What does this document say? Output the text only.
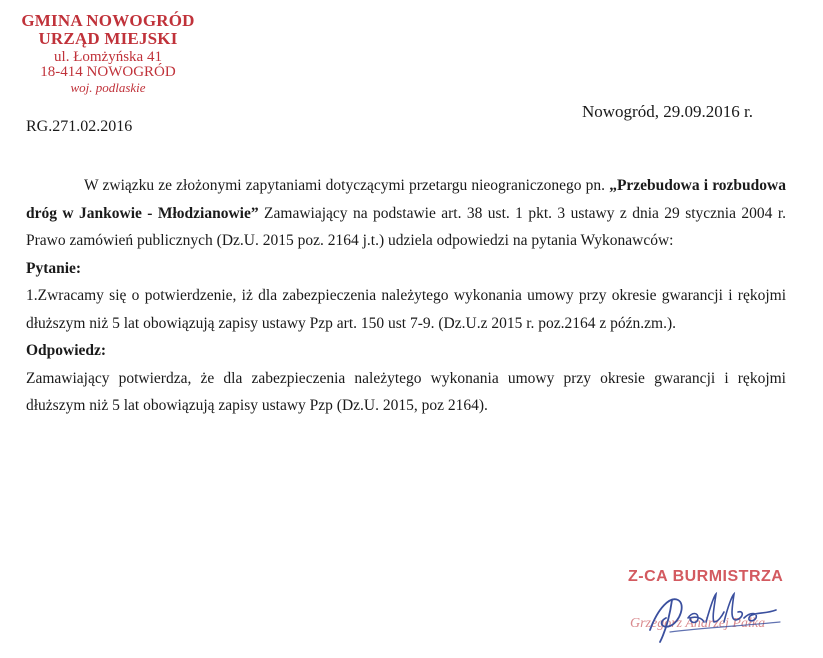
GMINA NOWOGRÓD
URZĄD MIEJSKI
ul. Łomżyńska 41
18-414 NOWOGRÓD
woj. podlaskie
RG.271.02.2016
Nowogród, 29.09.2016 r.

W związku ze złożonymi zapytaniami dotyczącymi przetargu nieograniczonego pn. „Przebudowa i rozbudowa dróg w Jankowie - Młodzianowie” Zamawiający na podstawie art. 38 ust. 1 pkt. 3 ustawy z dnia 29 stycznia 2004 r. Prawo zamówień publicznych (Dz.U. 2015 poz. 2164 j.t.) udziela odpowiedzi na pytania Wykonawców:

Pytanie:

1.Zwracamy się o potwierdzenie, iż dla zabezpieczenia należytego wykonania umowy przy okresie gwarancji i rękojmi dłuższym niż 5 lat obowiązują zapisy ustawy Pzp art. 150 ust 7-9. (Dz.U.z 2015 r. poz.2164 z późn.zm.).

Odpowiedz:

Zamawiający potwierdza, że dla zabezpieczenia należytego wykonania umowy przy okresie gwarancji i rękojmi dłuższym niż 5 lat obowiązują zapisy ustawy Pzp (Dz.U. 2015, poz 2164).

Z-CA BURMISTRZA
Grzegorz Andrzej Pałka
